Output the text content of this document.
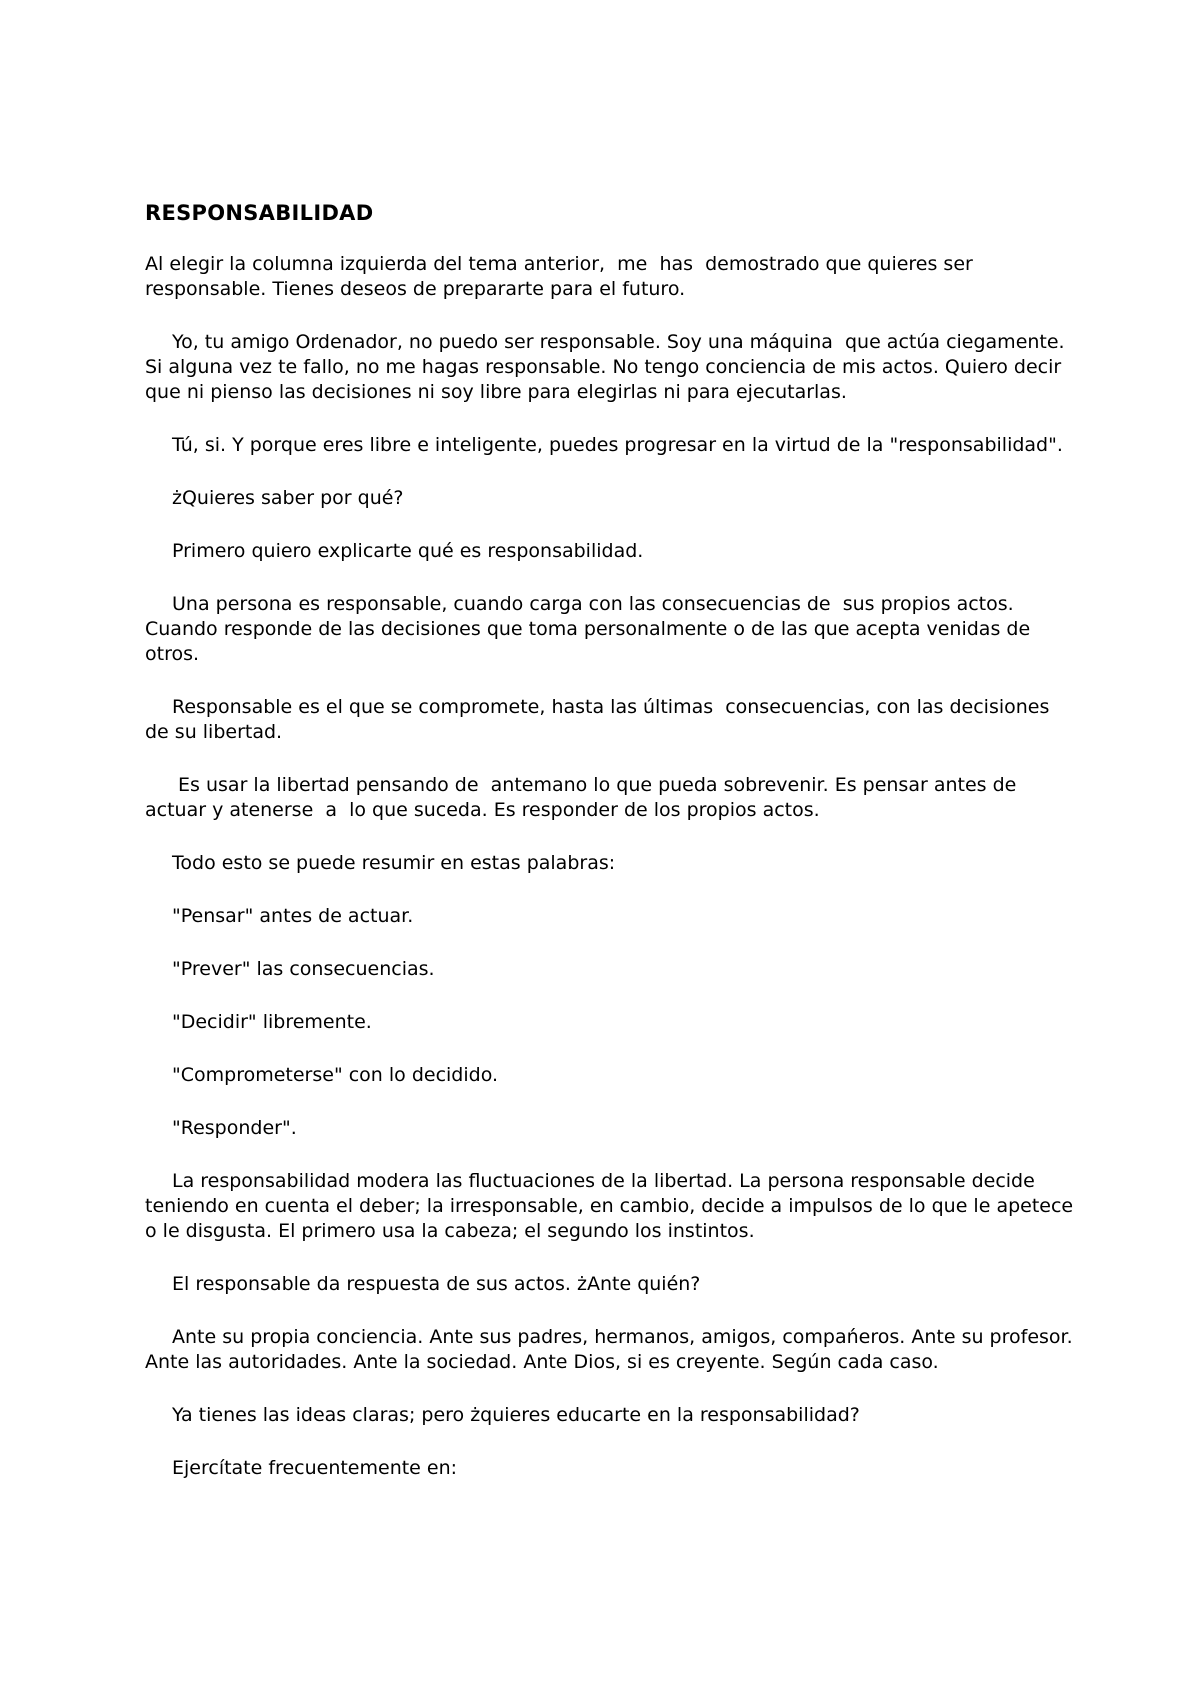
RESPONSABILIDAD

Al elegir la columna izquierda del tema anterior,  me  has  demostrado que quieres ser responsable. Tienes deseos de prepararte para el futuro.

Yo, tu amigo Ordenador, no puedo ser responsable. Soy una máquina  que actúa ciegamente. Si alguna vez te fallo, no me hagas responsable. No tengo conciencia de mis actos. Quiero decir que ni pienso las decisiones ni soy libre para elegirlas ni para ejecutarlas.

Tú, si. Y porque eres libre e inteligente, puedes progresar en la virtud de la "responsabilidad".

żQuieres saber por qué?

Primero quiero explicarte qué es responsabilidad.

Una persona es responsable, cuando carga con las consecuencias de  sus propios actos.  Cuando responde de las decisiones que toma personalmente o de las que acepta venidas de otros.

Responsable es el que se compromete, hasta las últimas  consecuencias, con las decisiones de su libertad.

Es usar la libertad pensando de  antemano lo que pueda sobrevenir. Es pensar antes de actuar y atenerse  a  lo que suceda. Es responder de los propios actos.

Todo esto se puede resumir en estas palabras:

"Pensar" antes de actuar.

"Prever" las consecuencias.

"Decidir" libremente.

"Comprometerse" con lo decidido.

"Responder".

La responsabilidad modera las fluctuaciones de la libertad. La persona responsable decide teniendo en cuenta el deber; la irresponsable, en cambio, decide a impulsos de lo que le apetece o le disgusta. El primero usa la cabeza; el segundo los instintos.

El responsable da respuesta de sus actos. żAnte quién?

Ante su propia conciencia. Ante sus padres, hermanos, amigos, compańeros. Ante su profesor. Ante las autoridades. Ante la sociedad. Ante Dios, si es creyente. Según cada caso.

Ya tienes las ideas claras; pero żquieres educarte en la responsabilidad?

Ejercítate frecuentemente en:
